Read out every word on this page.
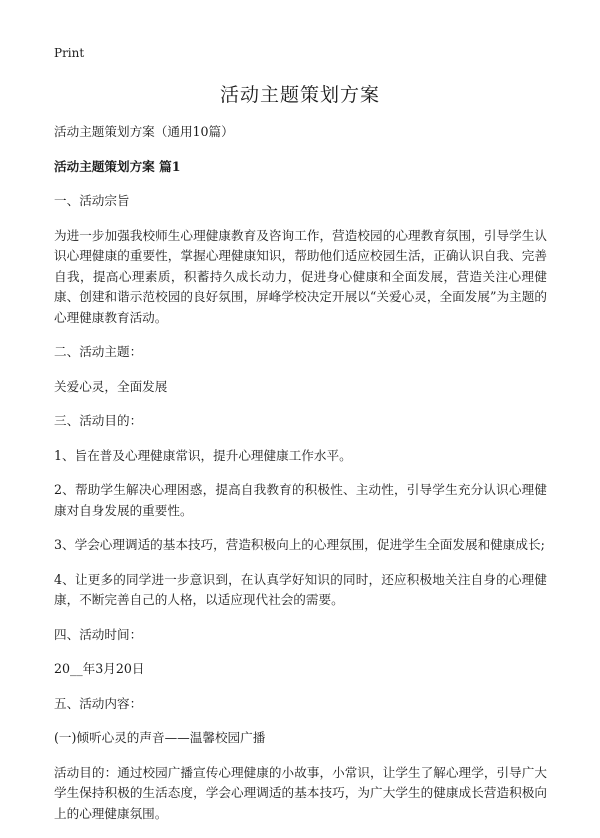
Print
活动主题策划方案

活动主题策划方案（通用10篇）

活动主题策划方案 篇1

一、活动宗旨

为进一步加强我校师生心理健康教育及咨询工作，营造校园的心理教育氛围，引导学生认识心理健康的重要性，掌握心理健康知识，帮助他们适应校园生活，正确认识自我、完善自我，提高心理素质，积蓄持久成长动力，促进身心健康和全面发展，营造关注心理健康、创建和谐示范校园的良好氛围，屏峰学校决定开展以“关爱心灵，全面发展”为主题的心理健康教育活动。

二、活动主题：

关爱心灵，全面发展

三、活动目的：

1、旨在普及心理健康常识，提升心理健康工作水平。

2、帮助学生解决心理困惑，提高自我教育的积极性、主动性，引导学生充分认识心理健康对自身发展的重要性。

3、学会心理调适的基本技巧，营造积极向上的心理氛围，促进学生全面发展和健康成长;

4、让更多的同学进一步意识到，在认真学好知识的同时，还应积极地关注自身的心理健康，不断完善自己的人格，以适应现代社会的需要。

四、活动时间：

20__年3月20日

五、活动内容：

(一)倾听心灵的声音——温馨校园广播

活动目的：通过校园广播宣传心理健康的小故事，小常识，让学生了解心理学，引导广大学生保持积极的生活态度，学会心理调适的基本技巧，为广大学生的健康成长营造积极向上的心理健康氛围。
